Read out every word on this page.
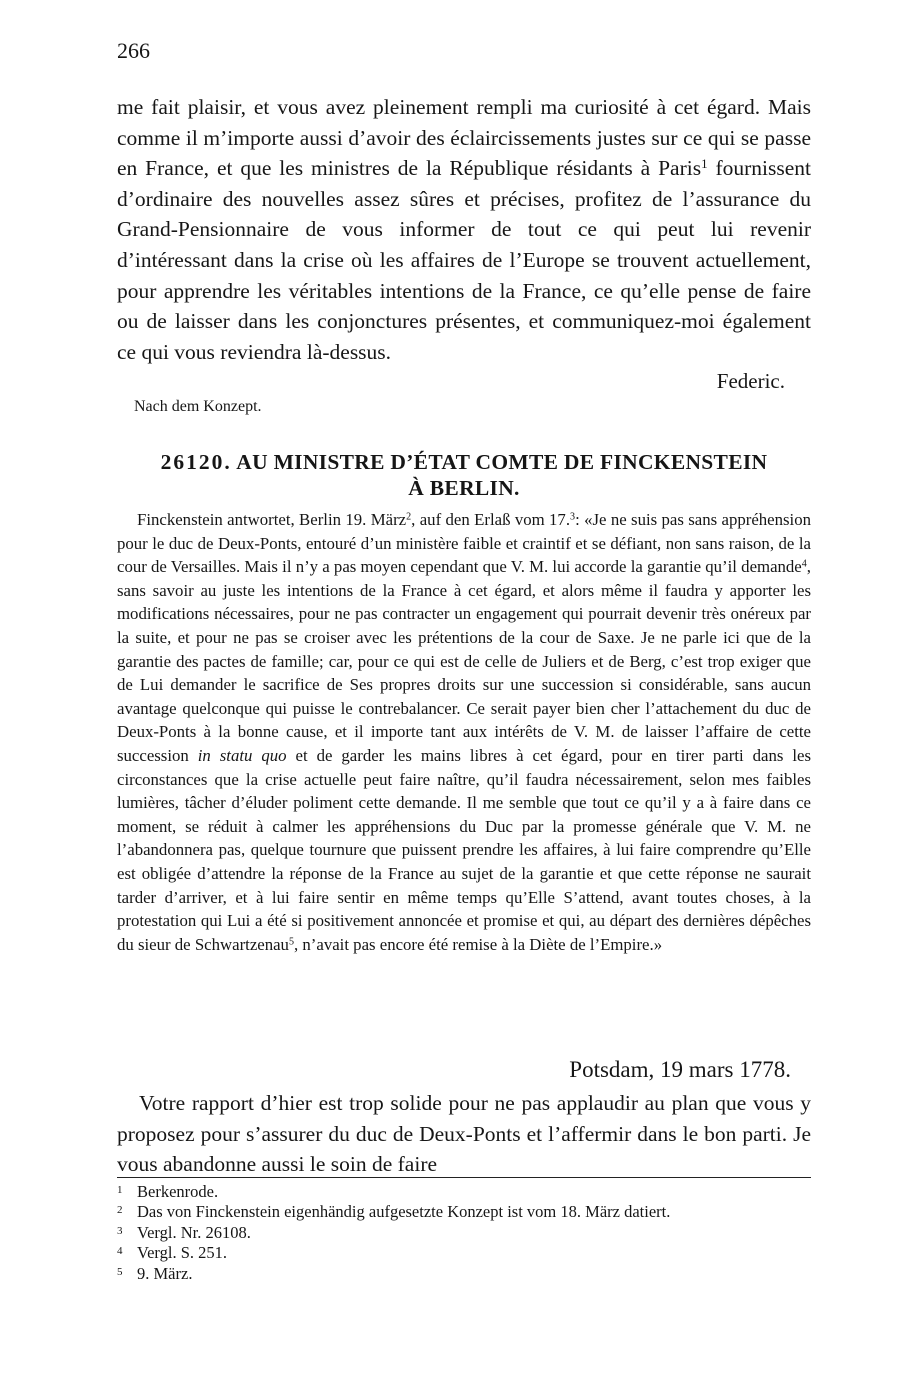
266

me fait plaisir, et vous avez pleinement rempli ma curiosité à cet égard. Mais comme il m’importe aussi d’avoir des éclaircissements justes sur ce qui se passe en France, et que les ministres de la République résidants à Paris$^1$ fournissent d’ordinaire des nouvelles assez sûres et précises, profitez de l’assurance du Grand-Pensionnaire de vous informer de tout ce qui peut lui revenir d’intéressant dans la crise où les affaires de l’Europe se trouvent actuellement, pour apprendre les véritables intentions de la France, ce qu’elle pense de faire ou de laisser dans les conjonctures présentes, et communiquez-moi également ce qui vous reviendra là-dessus.

Federic.
Nach dem Konzept.
26120. AU MINISTRE D’ÉTAT COMTE DE FINCKENSTEIN
À BERLIN.

Finckenstein antwortet, Berlin 19. März$^2$, auf den Erlaß vom 17.$^3$: «Je ne suis pas sans appréhension pour le duc de Deux-Ponts, entouré d’un ministère faible et craintif et se défiant, non sans raison, de la cour de Versailles. Mais il n’y a pas moyen cependant que V. M. lui accorde la garantie qu’il demande$^4$, sans savoir au juste les intentions de la France à cet égard, et alors même il faudra y apporter les modifications nécessaires, pour ne pas contracter un engagement qui pourrait devenir très onéreux par la suite, et pour ne pas se croiser avec les prétentions de la cour de Saxe. Je ne parle ici que de la garantie des pactes de famille; car, pour ce qui est de celle de Juliers et de Berg, c’est trop exiger que de Lui demander le sacrifice de Ses propres droits sur une succession si considérable, sans aucun avantage quelconque qui puisse le contrebalancer. Ce serait payer bien cher l’attachement du duc de Deux-Ponts à la bonne cause, et il importe tant aux intérêts de V. M. de laisser l’affaire de cette succession in statu quo et de garder les mains libres à cet égard, pour en tirer parti dans les circonstances que la crise actuelle peut faire naître, qu’il faudra nécessairement, selon mes faibles lumières, tâcher d’éluder poliment cette demande. Il me semble que tout ce qu’il y a à faire dans ce moment, se réduit à calmer les appréhensions du Duc par la promesse générale que V. M. ne l’abandonnera pas, quelque tournure que puissent prendre les affaires, à lui faire comprendre qu’Elle est obligée d’attendre la réponse de la France au sujet de la garantie et que cette réponse ne saurait tarder d’arriver, et à lui faire sentir en même temps qu’Elle S’attend, avant toutes choses, à la protestation qui Lui a été si positivement annoncée et promise et qui, au départ des dernières dépêches du sieur de Schwartzenau$^5$, n’avait pas encore été remise à la Diète de l’Empire.»

Potsdam, 19 mars 1778.

Votre rapport d’hier est trop solide pour ne pas applaudir au plan que vous y proposez pour s’assurer du duc de Deux-Ponts et l’affermir dans le bon parti. Je vous abandonne aussi le soin de faire

1 Berkenrode.
2 Das von Finckenstein eigenhändig aufgesetzte Konzept ist vom 18. März datiert.
3 Vergl. Nr. 26108.
4 Vergl. S. 251.
5 9. März.
